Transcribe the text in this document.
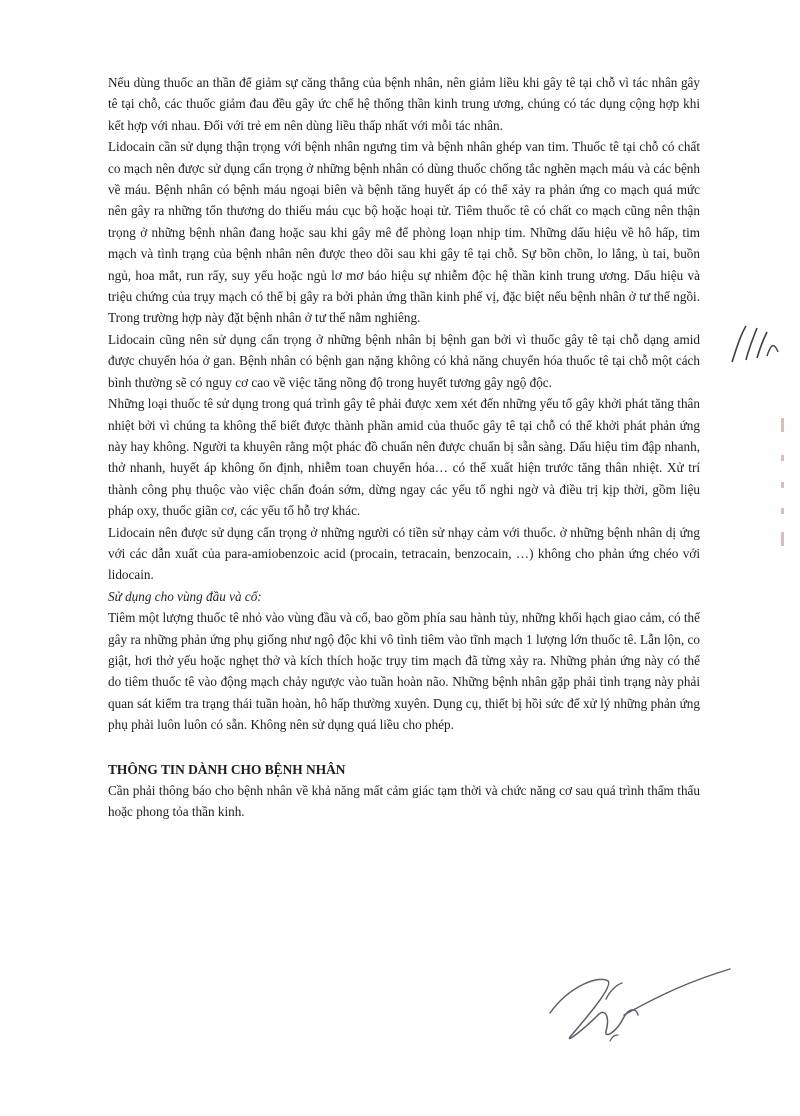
Nếu dùng thuốc an thần để giảm sự căng thẳng của bệnh nhân, nên giảm liều khi gây tê tại chỗ vì tác nhân gây tê tại chỗ, các thuốc giảm đau đều gây ức chế hệ thống thần kinh trung ương, chúng có tác dụng cộng hợp khi kết hợp với nhau. Đối với trẻ em nên dùng liều thấp nhất với mỗi tác nhân.

Lidocain cần sử dụng thận trọng với bệnh nhân ngưng tim và bệnh nhân ghép van tim. Thuốc tê tại chỗ có chất co mạch nên được sử dụng cẩn trọng ở những bệnh nhân có dùng thuốc chống tắc nghẽn mạch máu và các bệnh về máu. Bệnh nhân có bệnh máu ngoại biên và bệnh tăng huyết áp có thể xảy ra phản ứng co mạch quá mức nên gây ra những tổn thương do thiếu máu cục bộ hoặc hoại tử. Tiêm thuốc tê có chất co mạch cũng nên thận trọng ở những bệnh nhân đang hoặc sau khi gây mê để phòng loạn nhịp tim. Những dấu hiệu về hô hấp, tim mạch và tình trạng của bệnh nhân nên được theo dõi sau khi gây tê tại chỗ. Sự bồn chồn, lo lắng, ù tai, buồn ngủ, hoa mắt, run rẩy, suy yếu hoặc ngủ lơ mơ báo hiệu sự nhiễm độc hệ thần kinh trung ương. Dấu hiệu và triệu chứng của trụy mạch có thể bị gây ra bởi phản ứng thần kinh phế vị, đặc biệt nếu bệnh nhân ở tư thế ngồi. Trong trường hợp này đặt bệnh nhân ở tư thế nằm nghiêng.

Lidocain cũng nên sử dụng cẩn trọng ở những bệnh nhân bị bệnh gan bởi vì thuốc gây tê tại chỗ dạng amid được chuyển hóa ở gan. Bệnh nhân có bệnh gan nặng không có khả năng chuyển hóa thuốc tê tại chỗ một cách bình thường sẽ có nguy cơ cao về việc tăng nồng độ trong huyết tương gây ngộ độc.

Những loại thuốc tê sử dụng trong quá trình gây tê phải được xem xét đến những yếu tố gây khởi phát tăng thân nhiệt bởi vì chúng ta không thể biết được thành phần amid của thuốc gây tê tại chỗ có thể khởi phát phản ứng này hay không. Người ta khuyên rằng một phác đồ chuẩn nên được chuẩn bị sẵn sàng. Dấu hiệu tim đập nhanh, thở nhanh, huyết áp không ổn định, nhiễm toan chuyển hóa… có thể xuất hiện trước tăng thân nhiệt. Xử trí thành công phụ thuộc vào việc chẩn đoán sớm, dừng ngay các yếu tố nghi ngờ và điều trị kịp thời, gồm liệu pháp oxy, thuốc giãn cơ, các yếu tố hỗ trợ khác.

Lidocain nên được sử dụng cẩn trọng ở những người có tiền sử nhạy cảm với thuốc. ở những bệnh nhân dị ứng với các dẫn xuất của para-amiobenzoic acid (procain, tetracain, benzocain, …) không cho phản ứng chéo với lidocain.

Sử dụng cho vùng đầu và cổ:

Tiêm một lượng thuốc tê nhỏ vào vùng đầu và cổ, bao gồm phía sau hành tủy, những khối hạch giao cảm, có thể gây ra những phản ứng phụ giống như ngộ độc khi vô tình tiêm vào tĩnh mạch 1 lượng lớn thuốc tê. Lẫn lộn, co giật, hơi thở yếu hoặc nghẹt thở và kích thích hoặc trụy tim mạch đã từng xảy ra. Những phản ứng này có thể do tiêm thuốc tê vào động mạch chảy ngược vào tuần hoàn não. Những bệnh nhân gặp phải tình trạng này phải quan sát kiểm tra trạng thái tuần hoàn, hô hấp thường xuyên. Dụng cụ, thiết bị hồi sức để xử lý những phản ứng phụ phải luôn luôn có sẵn. Không nên sử dụng quá liều cho phép.

THÔNG TIN DÀNH CHO BỆNH NHÂN

Cần phải thông báo cho bệnh nhân về khả năng mất cảm giác tạm thời và chức năng cơ sau quá trình thẩm thấu hoặc phong tỏa thần kinh.
